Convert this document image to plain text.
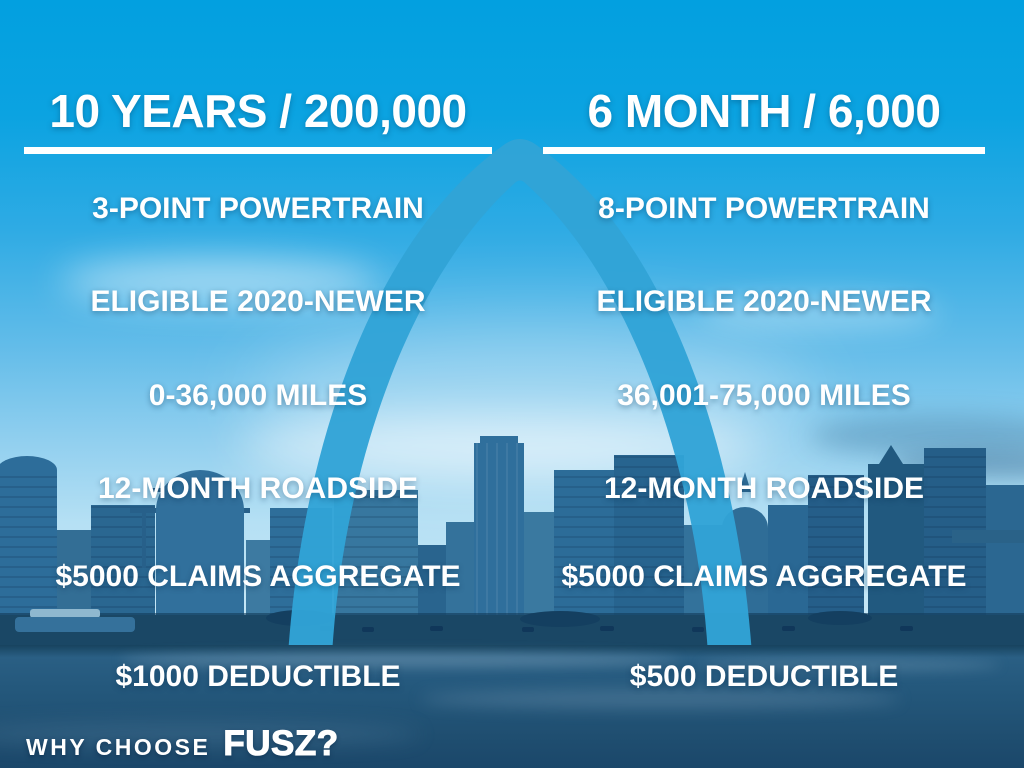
10 YEARS / 200,000
3-POINT POWERTRAIN
ELIGIBLE 2020-NEWER
0-36,000 MILES
12-MONTH ROADSIDE
$5000 CLAIMS AGGREGATE
$1000 DEDUCTIBLE
6 MONTH / 6,000
8-POINT POWERTRAIN
ELIGIBLE 2020-NEWER
36,001-75,000 MILES
12-MONTH ROADSIDE
$5000 CLAIMS AGGREGATE
$500 DEDUCTIBLE
WHY CHOOSE FUSZ?
